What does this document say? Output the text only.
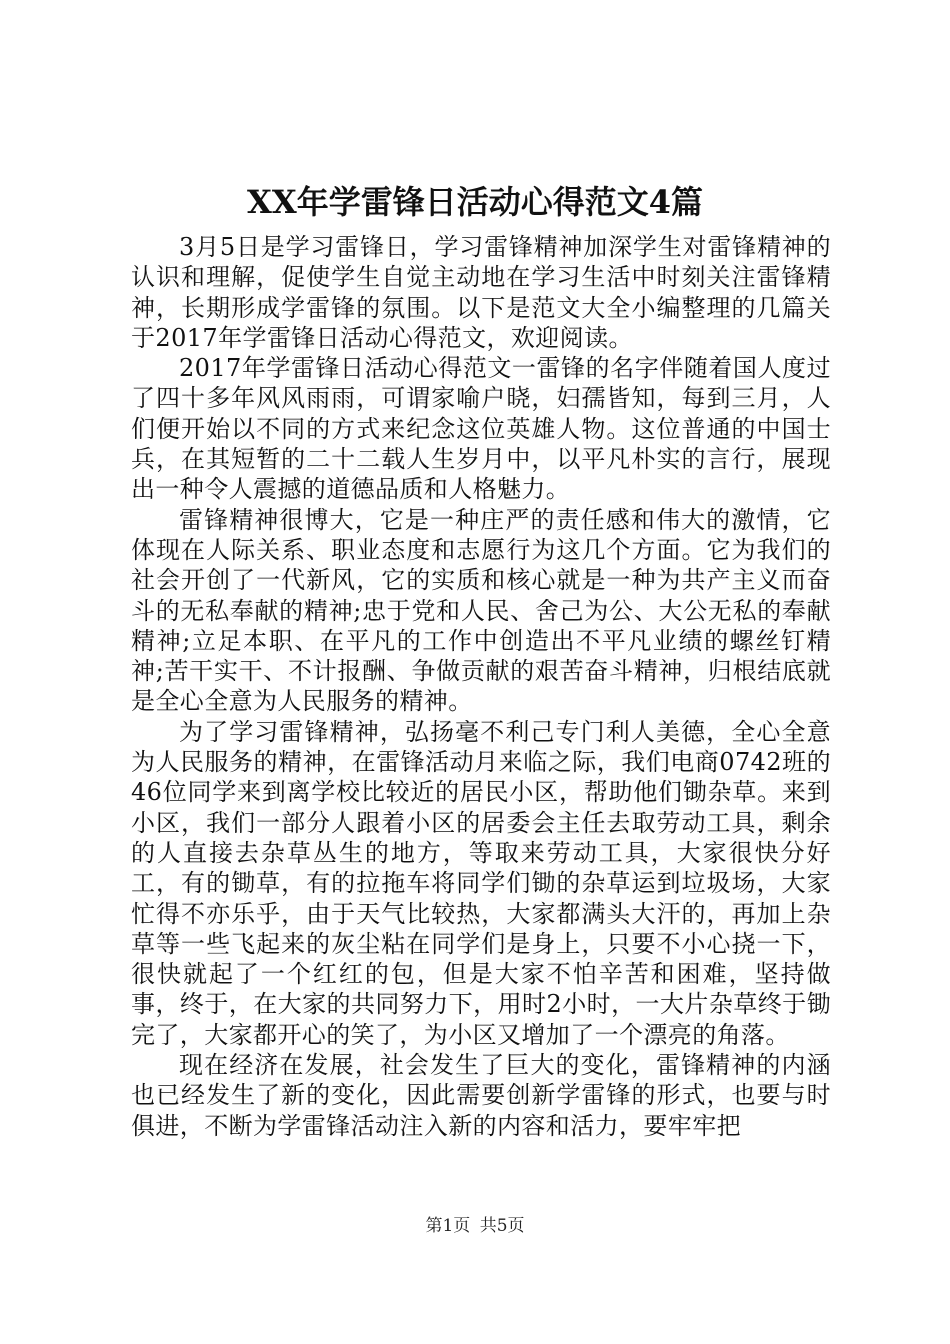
XX年学雷锋日活动心得范文4篇

3月5日是学习雷锋日，学习雷锋精神加深学生对雷锋精神的认识和理解，促使学生自觉主动地在学习生活中时刻关注雷锋精神，长期形成学雷锋的氛围。以下是范文大全小编整理的几篇关于2017年学雷锋日活动心得范文，欢迎阅读。

2017年学雷锋日活动心得范文一雷锋的名字伴随着国人度过了四十多年风风雨雨，可谓家喻户晓，妇孺皆知，每到三月，人们便开始以不同的方式来纪念这位英雄人物。这位普通的中国士兵，在其短暂的二十二载人生岁月中，以平凡朴实的言行，展现出一种令人震撼的道德品质和人格魅力。

雷锋精神很博大，它是一种庄严的责任感和伟大的激情，它体现在人际关系、职业态度和志愿行为这几个方面。它为我们的社会开创了一代新风，它的实质和核心就是一种为共产主义而奋斗的无私奉献的精神;忠于党和人民、舍己为公、大公无私的奉献精神;立足本职、在平凡的工作中创造出不平凡业绩的螺丝钉精神;苦干实干、不计报酬、争做贡献的艰苦奋斗精神，归根结底就是全心全意为人民服务的精神。

为了学习雷锋精神，弘扬毫不利己专门利人美德，全心全意为人民服务的精神，在雷锋活动月来临之际，我们电商0742班的46位同学来到离学校比较近的居民小区，帮助他们锄杂草。来到小区，我们一部分人跟着小区的居委会主任去取劳动工具，剩余的人直接去杂草丛生的地方，等取来劳动工具，大家很快分好工，有的锄草，有的拉拖车将同学们锄的杂草运到垃圾场，大家忙得不亦乐乎，由于天气比较热，大家都满头大汗的，再加上杂草等一些飞起来的灰尘粘在同学们是身上，只要不小心挠一下，很快就起了一个红红的包，但是大家不怕辛苦和困难，坚持做事，终于，在大家的共同努力下，用时2小时，一大片杂草终于锄完了，大家都开心的笑了，为小区又增加了一个漂亮的角落。

现在经济在发展，社会发生了巨大的变化，雷锋精神的内涵也已经发生了新的变化，因此需要创新学雷锋的形式，也要与时俱进，不断为学雷锋活动注入新的内容和活力，要牢牢把

第1页 共5页
